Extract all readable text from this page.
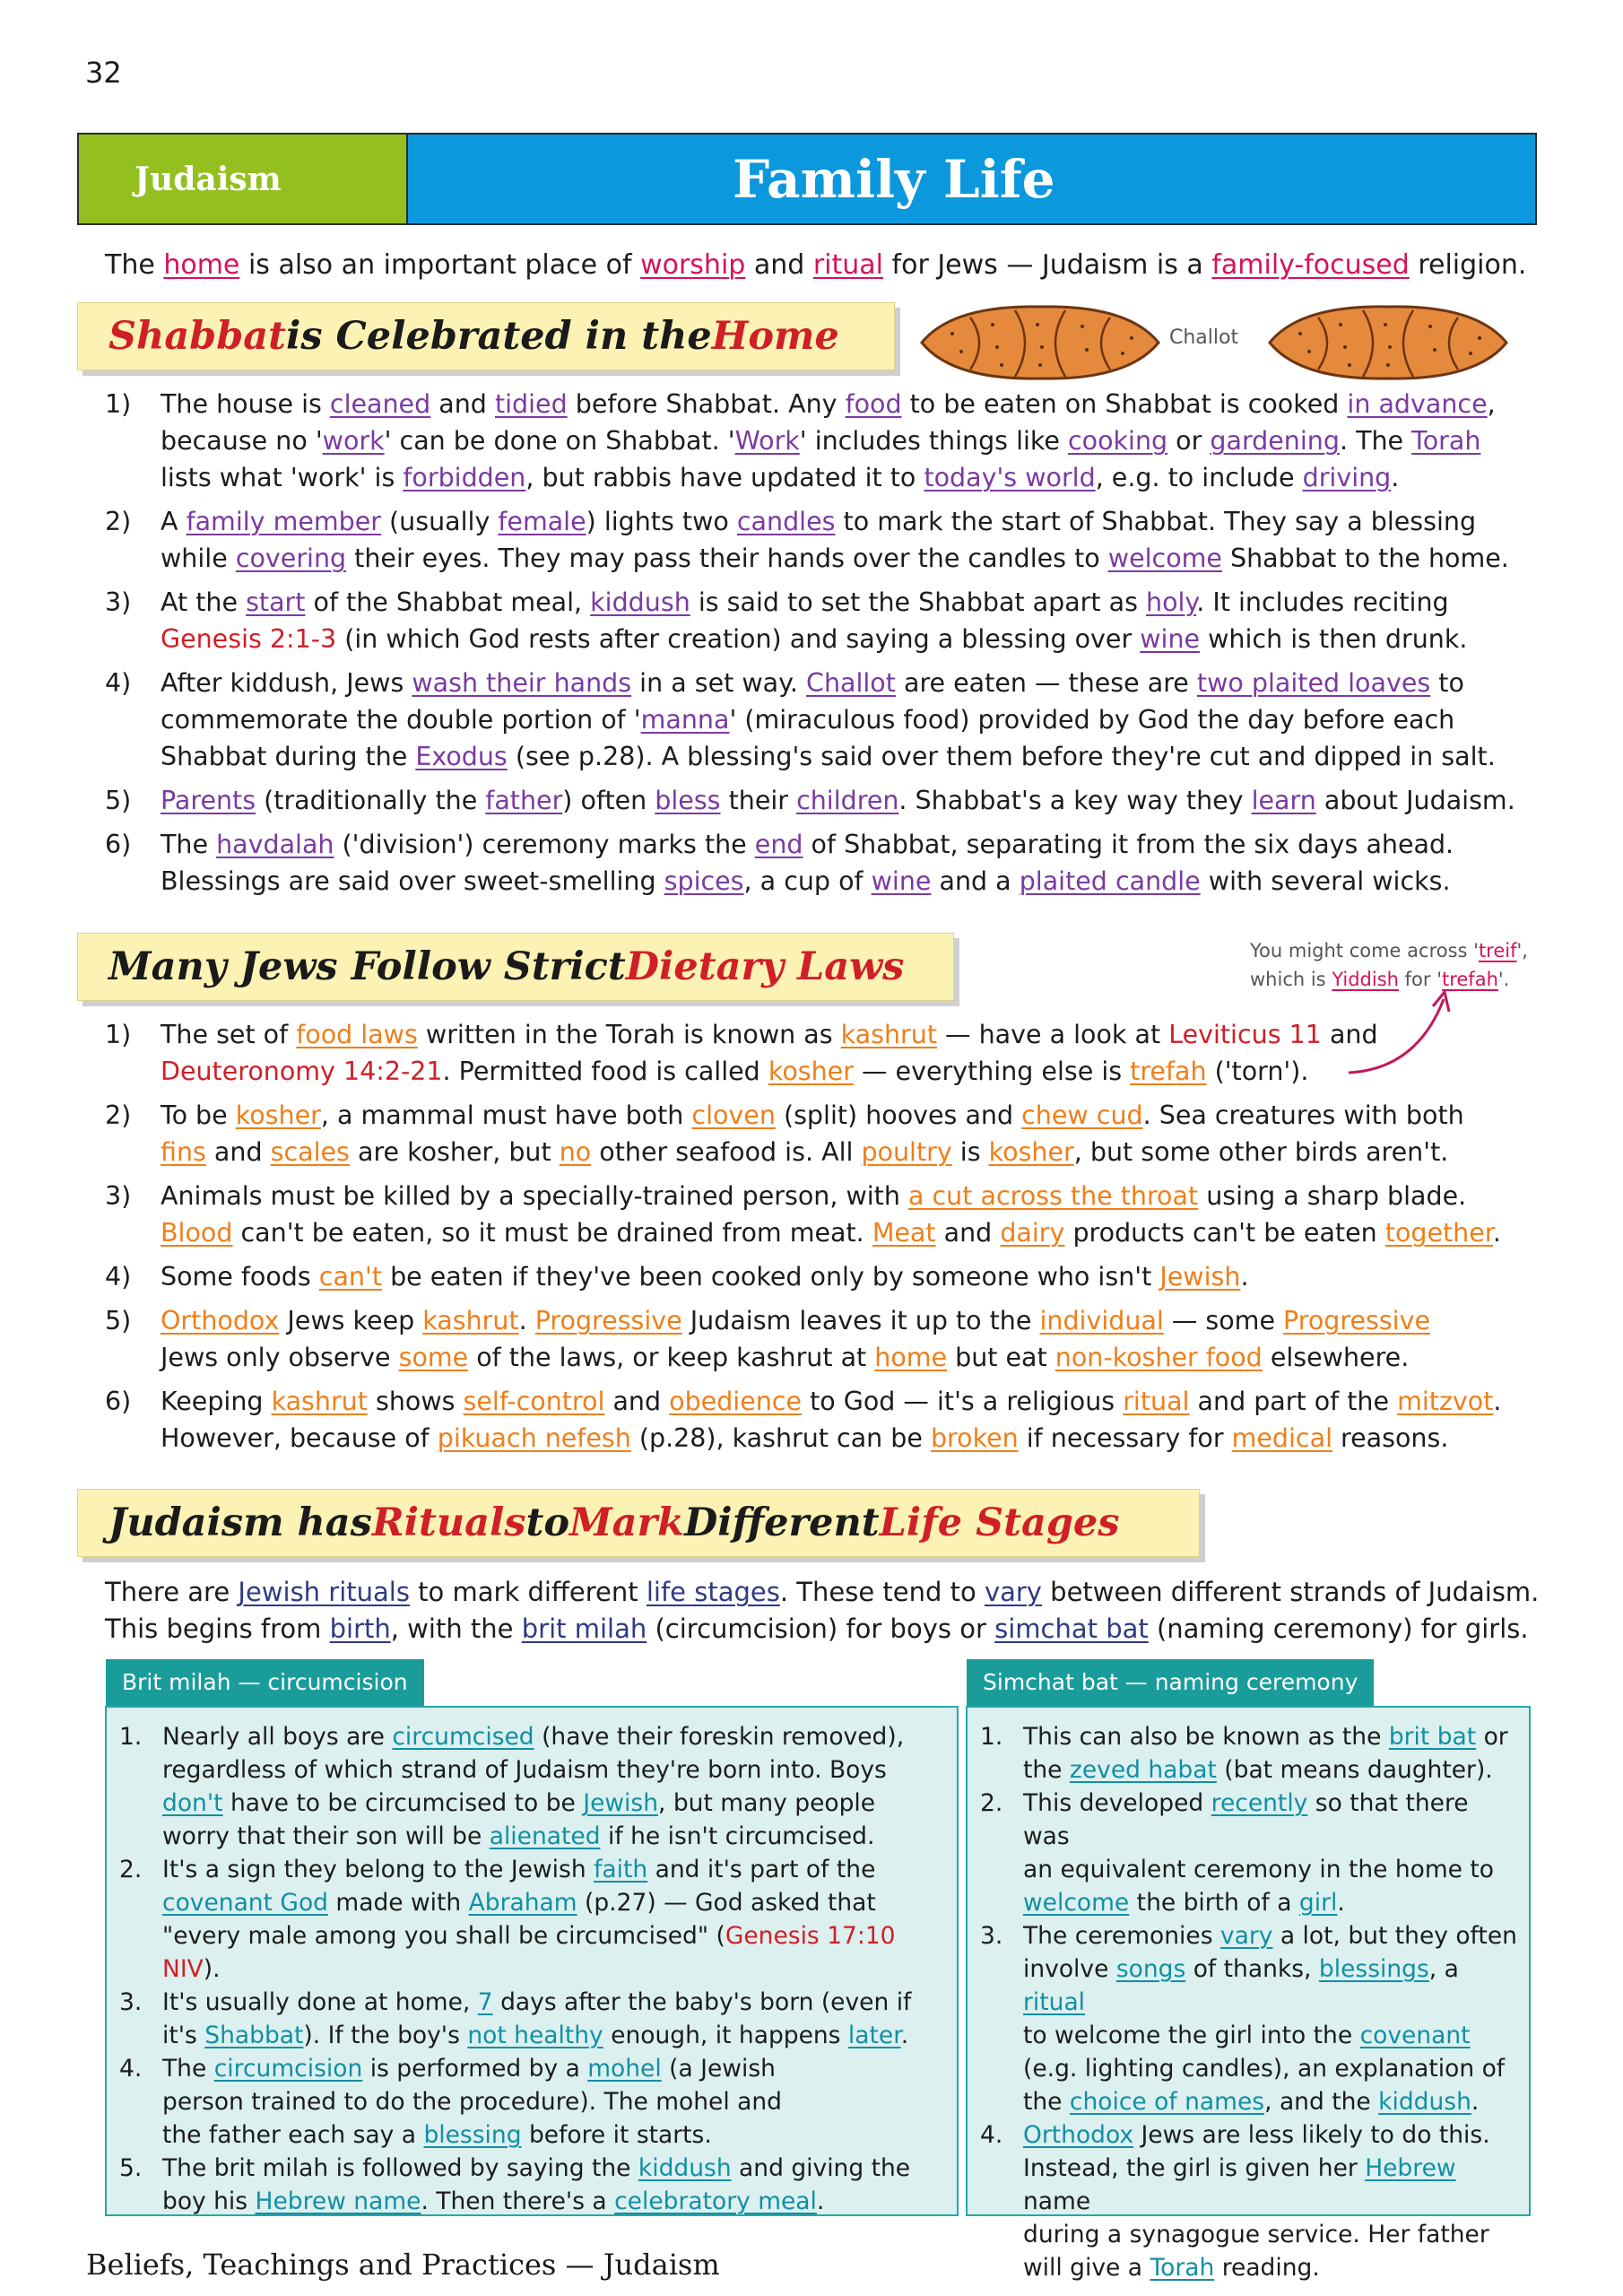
32
Judaism	Family Life
The home is also an important place of worship and ritual for Jews — Judaism is a family-focused religion.
Shabbat is Celebrated in the Home	Challot
1) The house is cleaned and tidied before Shabbat. Any food to be eaten on Shabbat is cooked in advance,
because no 'work' can be done on Shabbat. 'Work' includes things like cooking or gardening. The Torah
lists what 'work' is forbidden, but rabbis have updated it to today's world, e.g. to include driving.
2) A family member (usually female) lights two candles to mark the start of Shabbat. They say a blessing
while covering their eyes. They may pass their hands over the candles to welcome Shabbat to the home.
3) At the start of the Shabbat meal, kiddush is said to set the Shabbat apart as holy. It includes reciting
Genesis 2:1-3 (in which God rests after creation) and saying a blessing over wine which is then drunk.
4) After kiddush, Jews wash their hands in a set way. Challot are eaten — these are two plaited loaves to
commemorate the double portion of 'manna' (miraculous food) provided by God the day before each
Shabbat during the Exodus (see p.28). A blessing's said over them before they're cut and dipped in salt.
5) Parents (traditionally the father) often bless their children. Shabbat's a key way they learn about Judaism.
6) The havdalah ('division') ceremony marks the end of Shabbat, separating it from the six days ahead.
Blessings are said over sweet-smelling spices, a cup of wine and a plaited candle with several wicks.
Many Jews Follow Strict Dietary Laws	You might come across 'treif',
which is Yiddish for 'trefah'.
1) The set of food laws written in the Torah is known as kashrut — have a look at Leviticus 11 and
Deuteronomy 14:2-21. Permitted food is called kosher — everything else is trefah ('torn').
2) To be kosher, a mammal must have both cloven (split) hooves and chew cud. Sea creatures with both
fins and scales are kosher, but no other seafood is. All poultry is kosher, but some other birds aren't.
3) Animals must be killed by a specially-trained person, with a cut across the throat using a sharp blade.
Blood can't be eaten, so it must be drained from meat. Meat and dairy products can't be eaten together.
4) Some foods can't be eaten if they've been cooked only by someone who isn't Jewish.
5) Orthodox Jews keep kashrut. Progressive Judaism leaves it up to the individual — some Progressive
Jews only observe some of the laws, or keep kashrut at home but eat non-kosher food elsewhere.
6) Keeping kashrut shows self-control and obedience to God — it's a religious ritual and part of the mitzvot.
However, because of pikuach nefesh (p.28), kashrut can be broken if necessary for medical reasons.
Judaism has Rituals to Mark Different Life Stages
There are Jewish rituals to mark different life stages. These tend to vary between different strands of Judaism.
This begins from birth, with the brit milah (circumcision) for boys or simchat bat (naming ceremony) for girls.
Brit milah — circumcision
1. Nearly all boys are circumcised (have their foreskin removed),
regardless of which strand of Judaism they're born into. Boys
don't have to be circumcised to be Jewish, but many people
worry that their son will be alienated if he isn't circumcised.
2. It's a sign they belong to the Jewish faith and it's part of the
covenant God made with Abraham (p.27) — God asked that
"every male among you shall be circumcised" (Genesis 17:10 NIV).
3. It's usually done at home, 7 days after the baby's born (even if
it's Shabbat). If the boy's not healthy enough, it happens later.
4. The circumcision is performed by a mohel (a Jewish
person trained to do the procedure). The mohel and
the father each say a blessing before it starts.
5. The brit milah is followed by saying the kiddush and giving the
boy his Hebrew name. Then there's a celebratory meal.
Simchat bat — naming ceremony
1. This can also be known as the brit bat or
the zeved habat (bat means daughter).
2. This developed recently so that there was
an equivalent ceremony in the home to
welcome the birth of a girl.
3. The ceremonies vary a lot, but they often
involve songs of thanks, blessings, a ritual
to welcome the girl into the covenant
(e.g. lighting candles), an explanation of
the choice of names, and the kiddush.
4. Orthodox Jews are less likely to do this.
Instead, the girl is given her Hebrew name
during a synagogue service. Her father
will give a Torah reading.
Beliefs, Teachings and Practices — Judaism
